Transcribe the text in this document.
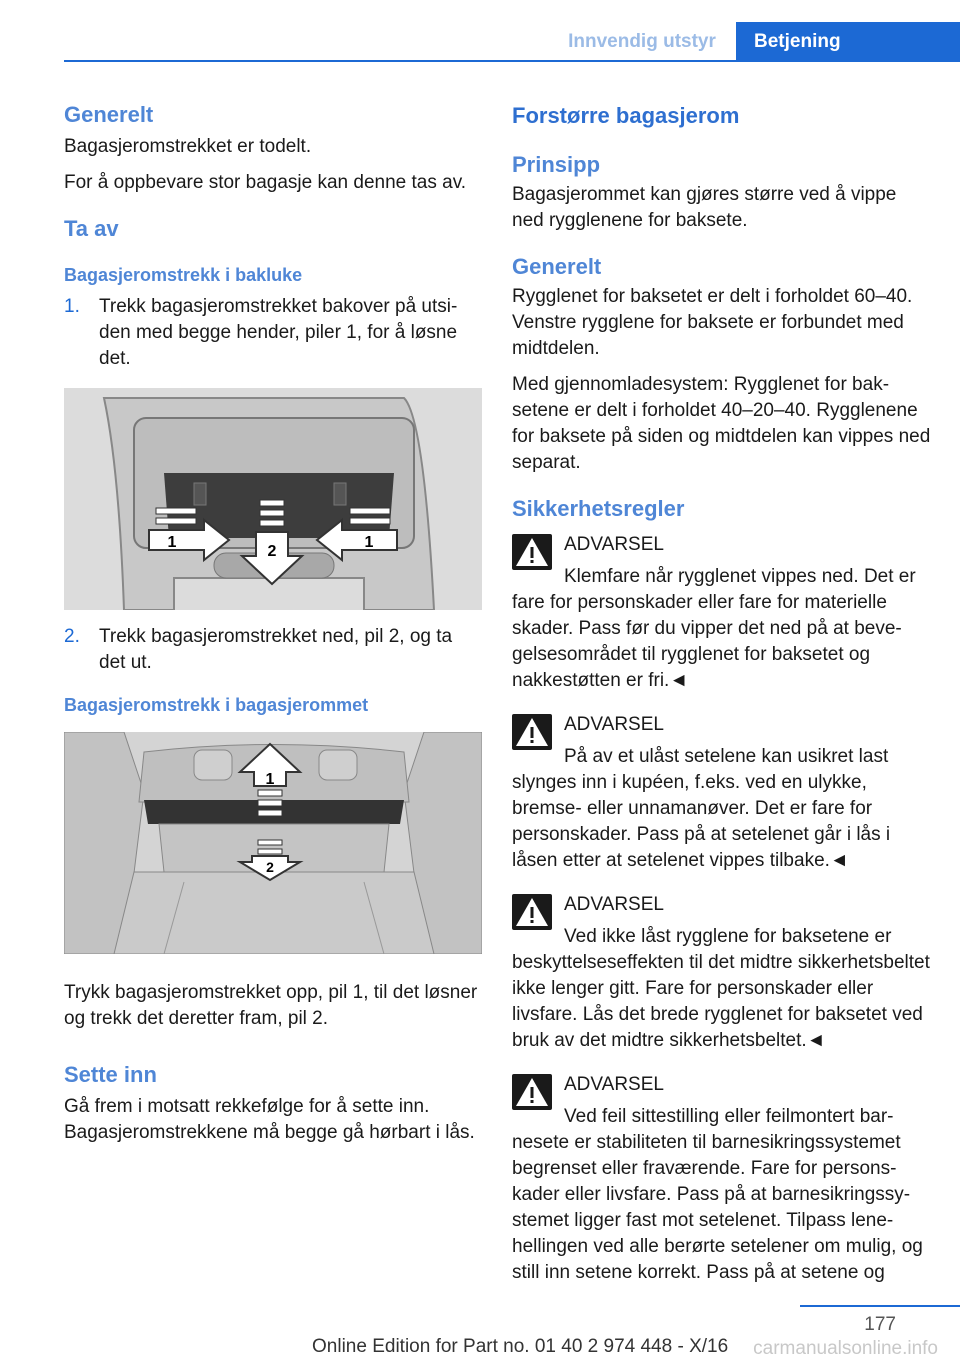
Innvendig utstyr	Betjening
Generelt

Bagasjeromstrekket er todelt.

For å oppbevare stor bagasje kan denne tas av.

Ta av
Bagasjeromstrekk i bakluke
1.	Trekk bagasjeromstrekket bakover på utsiden med begge hender, piler 1, for å løsne det.
1
2
1
2.	Trekk bagasjeromstrekket ned, pil 2, og ta det ut.
Bagasjeromstrekk i bagasjerommet
1
2

Trykk bagasjeromstrekket opp, pil 1, til det løsner og trekk det deretter fram, pil 2.

Sette inn

Gå frem i motsatt rekkefølge for å sette inn. Bagasjeromstrekkene må begge gå hørbart i lås.

Forstørre bagasjerom
Prinsipp

Bagasjerommet kan gjøres større ved å vippe ned rygglenene for baksete.

Generelt

Rygglenet for baksetet er delt i forholdet 60–40. Venstre rygglene for baksete er forbundet med midtdelen.

Med gjennomladesystem: Rygglenet for baksetene er delt i forholdet 40–20–40. Rygglenene for baksete på siden og midtdelen kan vippes ned separat.

Sikkerhetsregler
ADVARSEL

Klemfare når rygglenet vippes ned. Det er fare for personskader eller fare for materielle skader. Pass før du vipper det ned på at bevegelsesområdet til rygglenet for baksetet og nakkestøtten er fri.◄

ADVARSEL

På av et ulåst setelene kan usikret last slynges inn i kupéen, f.eks. ved en ulykke, bremse- eller unnamanøver. Det er fare for personskader. Pass på at setelenet går i lås i låsen etter at setelenet vippes tilbake.◄

ADVARSEL

Ved ikke låst rygglene for baksetene er beskyttelseseffekten til det midtre sikkerhetsbeltet ikke lenger gitt. Fare for personskader eller livsfare. Lås det brede rygglenet for baksetet ved bruk av det midtre sikkerhetsbeltet.◄

ADVARSEL

Ved feil sittestilling eller feilmontert barnesete er stabiliteten til barnesikringssystemet begrenset eller fraværende. Fare for personskader eller livsfare. Pass på at barnesikringssystemet ligger fast mot setelenet. Tilpass lenehellingen ved alle berørte setelener om mulig, og still inn setene korrekt. Pass på at setene og

177
Online Edition for Part no. 01 40 2 974 448 - X/16 carmanualsonline.info
